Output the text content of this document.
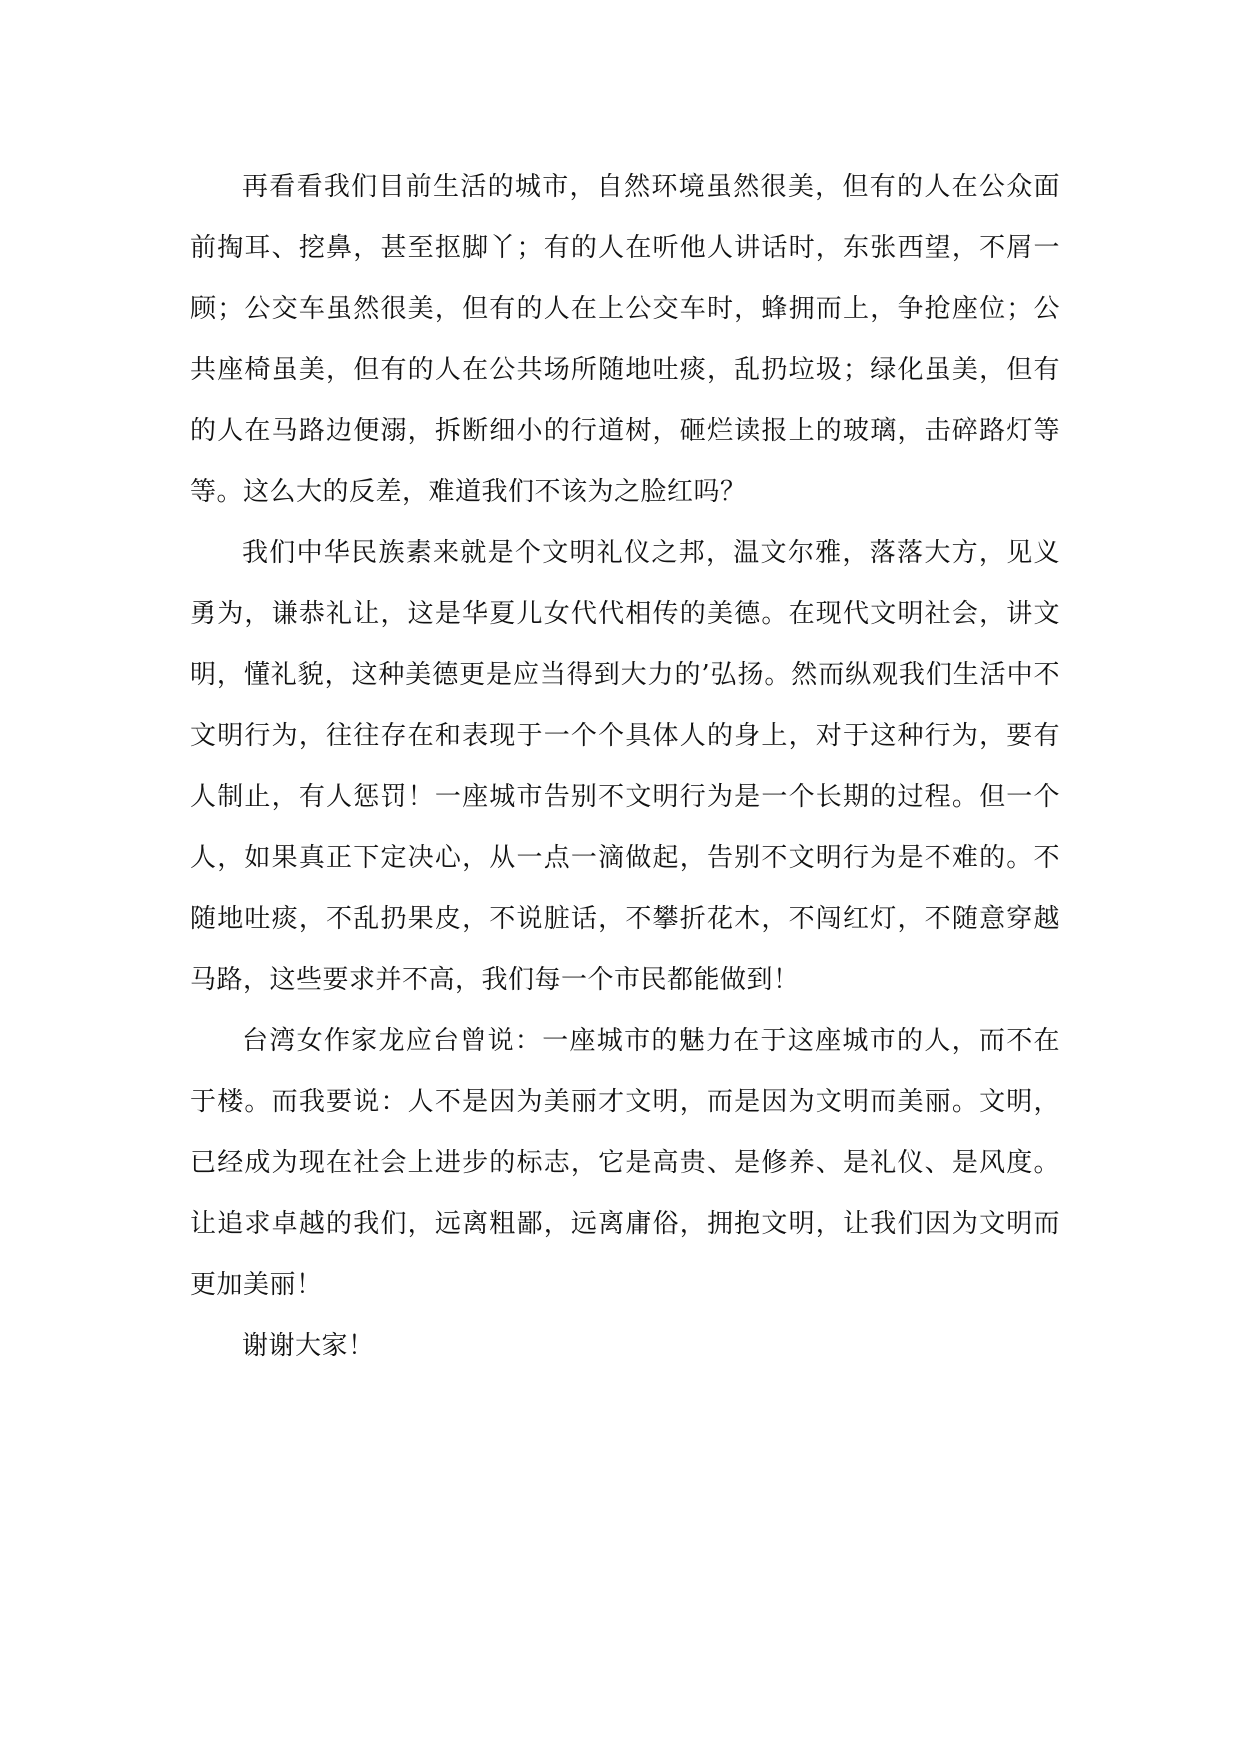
再看看我们目前生活的城市，自然环境虽然很美，但有的人在公众面前掏耳、挖鼻，甚至抠脚丫；有的人在听他人讲话时，东张西望，不屑一顾；公交车虽然很美，但有的人在上公交车时，蜂拥而上，争抢座位；公共座椅虽美，但有的人在公共场所随地吐痰，乱扔垃圾；绿化虽美，但有的人在马路边便溺，拆断细小的行道树，砸烂读报上的玻璃，击碎路灯等等。这么大的反差，难道我们不该为之脸红吗？

我们中华民族素来就是个文明礼仪之邦，温文尔雅，落落大方，见义勇为，谦恭礼让，这是华夏儿女代代相传的美德。在现代文明社会，讲文明，懂礼貌，这种美德更是应当得到大力的’弘扬。然而纵观我们生活中不文明行为，往往存在和表现于一个个具体人的身上，对于这种行为，要有人制止，有人惩罚！一座城市告别不文明行为是一个长期的过程。但一个人，如果真正下定决心，从一点一滴做起，告别不文明行为是不难的。不随地吐痰，不乱扔果皮，不说脏话，不攀折花木，不闯红灯，不随意穿越马路，这些要求并不高，我们每一个市民都能做到！

台湾女作家龙应台曾说：一座城市的魅力在于这座城市的人，而不在于楼。而我要说：人不是因为美丽才文明，而是因为文明而美丽。文明，已经成为现在社会上进步的标志，它是高贵、是修养、是礼仪、是风度。让追求卓越的我们，远离粗鄙，远离庸俗，拥抱文明，让我们因为文明而更加美丽！

谢谢大家！
